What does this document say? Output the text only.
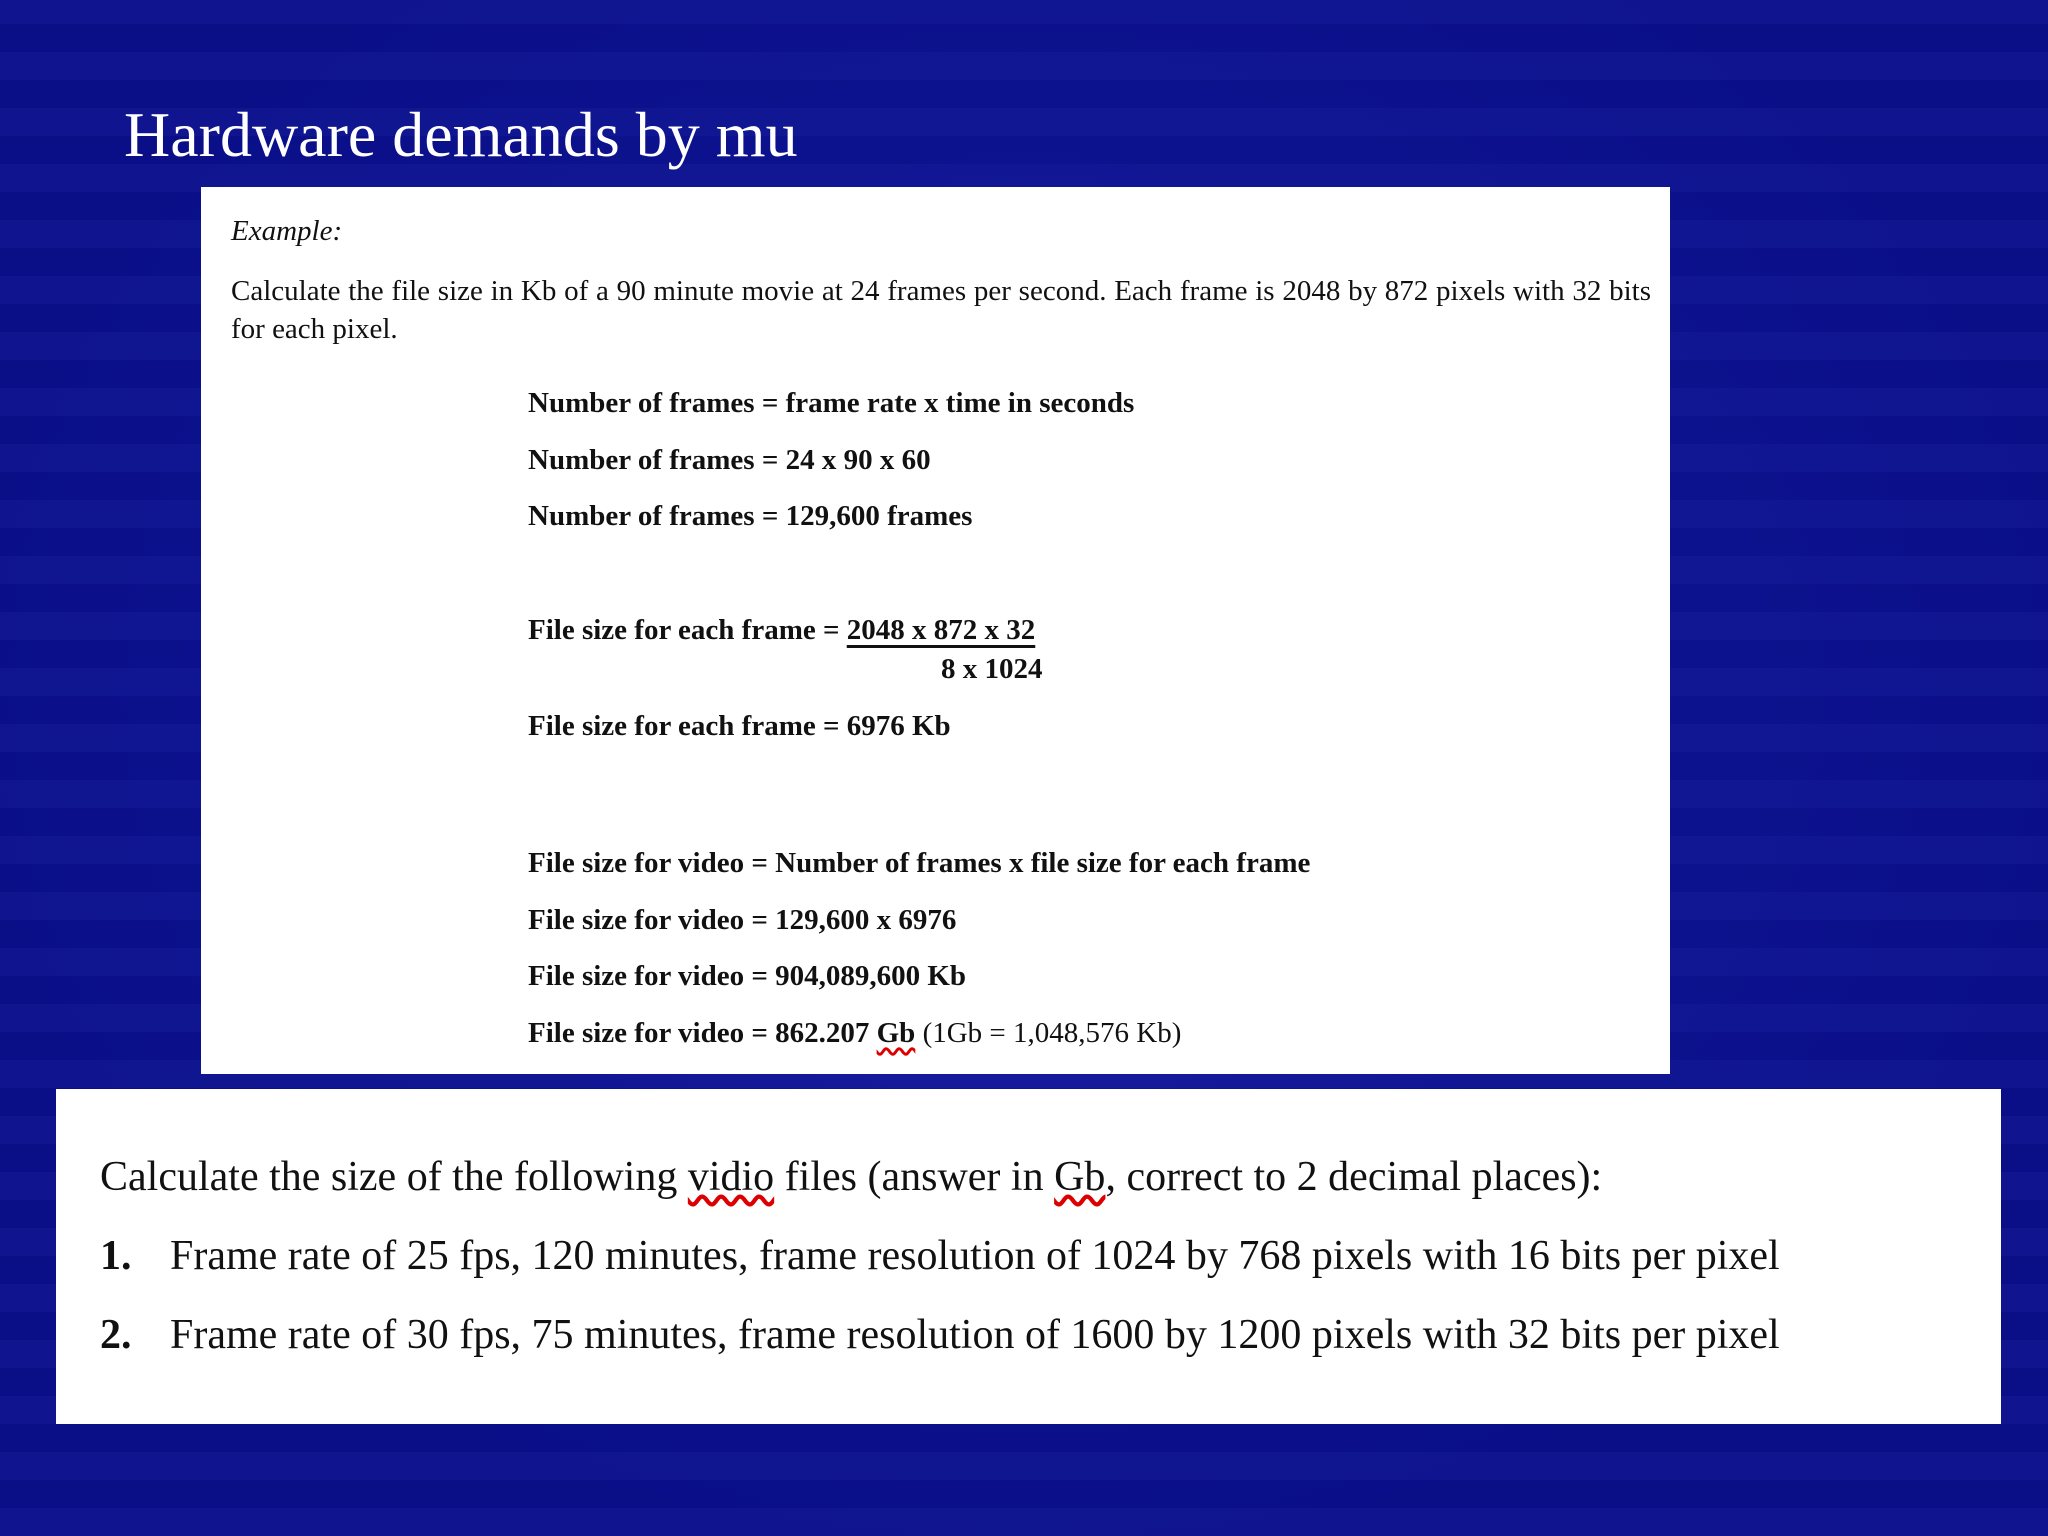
Hardware demands by mu
Example:
Calculate the file size in Kb of a 90 minute movie at 24 frames per second. Each frame is 2048 by 872 pixels with 32 bits for each pixel.
Number of frames = frame rate x time in seconds
Number of frames = 24 x 90 x 60
Number of frames = 129,600 frames
File size for each frame = 2048 x 872 x 32
8 x 1024
File size for each frame = 6976 Kb
File size for video = Number of frames x file size for each frame
File size for video = 129,600 x 6976
File size for video = 904,089,600 Kb
File size for video = 862.207 Gb (1Gb = 1,048,576 Kb)
Calculate the size of the following vidio files (answer in Gb, correct to 2 decimal places):
1. Frame rate of 25 fps, 120 minutes, frame resolution of 1024 by 768 pixels with 16 bits per pixel
2. Frame rate of 30 fps, 75 minutes, frame resolution of 1600 by 1200 pixels with 32 bits per pixel
